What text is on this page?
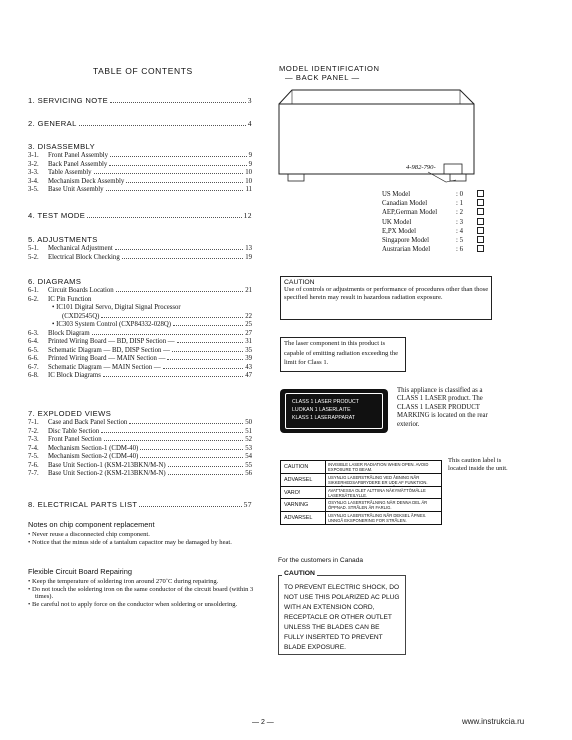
TABLE OF CONTENTS
1. SERVICING NOTE	3
2. GENERAL	4
3. DISASSEMBLY
3-1.	Front Panel Assembly	9
3-2.	Back Panel Assembly	9
3-3.	Table Assembly	10
3-4.	Mechanism Deck Assembly	10
3-5.	Base Unit Assembly	11
4. TEST MODE	12
5. ADJUSTMENTS
5-1.	Mechanical Adjustment	13
5-2.	Electrical Block Checking	19
6. DIAGRAMS
6-1.	Circuit Boards Location	21
6-2.	IC Pin Function
• IC101 Digital Servo, Digital Signal Processor
(CXD2545Q)	22
• IC303 System Control (CXP84332-028Q)	25
6-3.	Block Diagram	27
6-4.	Printed Wiring Board — BD, DISP Section —	31
6-5.	Schematic Diagram — BD, DISP Section —	35
6-6.	Printed Wiring Board — MAIN Section —	39
6-7.	Schematic Diagram — MAIN Section —	43
6-8.	IC Block Diagrams	47
7. EXPLODED VIEWS
7-1.	Case and Back Panel Section	50
7-2.	Disc Table Section	51
7-3.	Front Panel Section	52
7-4.	Mechanism Section-1 (CDM-40)	53
7-5.	Mechanism Section-2 (CDM-40)	54
7-6.	Base Unit Section-1 (KSM-213BKN/M-N)	55
7-7.	Base Unit Section-2 (KSM-213BKN/M-N)	56
8. ELECTRICAL PARTS LIST	57
Notes on chip component replacement
• Never reuse a disconnected chip component.
• Notice that the minus side of a tantalum capacitor may be damaged by heat.
Flexible Circuit Board Repairing
• Keep the temperature of soldering iron around 270˚C during repairing.
• Do not touch the soldering iron on the same conductor of the circuit board (within 3 times).
• Be careful not to apply force on the conductor when soldering or unsoldering.
MODEL IDENTIFICATION
— BACK PANEL —
4-982-790-
US Model	: 0
Canadian Model	: 1
AEP,German Model	: 2
UK Model	: 3
E,PX Model	: 4
Singapore Model	: 5
Austrarian Model	: 6
CAUTION
Use of controls or adjustments or performance of procedures other than those specified herein may result in hazardous radiation exposure.
The laser component in this product is capable of emitting radiation exceeding the limit for Class 1.
CLASS 1 LASER PRODUCT
LUOKAN 1 LASERLAITE
KLASS 1 LASERAPPARAT
This appliance is classified as a CLASS 1 LASER product. The CLASS 1 LASER PRODUCT MARKING is located on the rear exterior.
CAUTION	INVISIBLE LASER RADIATION WHEN OPEN. AVOID EXPOSURE TO BEAM.
ADVARSEL	USYNLIG LASERSTRÅLING VED ÅBNING NÅR SIKKERHEDSAFBRYDERE ER UDE AF FUNKTION.
VARO!	AVATTAESSA OLET ALTTIINA NÄKYMÄTTÖMÄLLE LASERSÄTEILYLLE.
VARNING	OSYNLIG LASERSTRÅLNING NÄR DENNA DEL ÄR ÖPPNAD. STRÅLEN ÄR FARLIG.
ADVARSEL	USYNLIG LASERSTRÅLING NÅR DEKSEL ÅPNES. UNNGÅ EKSPONERING FOR STRÅLEN.
This caution label is located inside the unit.
For the customers in Canada
CAUTION
TO PREVENT ELECTRIC SHOCK, DO NOT USE THIS POLARIZED AC PLUG WITH AN EXTENSION CORD, RECEPTACLE OR OTHER OUTLET UNLESS THE BLADES CAN BE FULLY INSERTED TO PREVENT BLADE EXPOSURE.
— 2 —	www.instrukcia.ru
